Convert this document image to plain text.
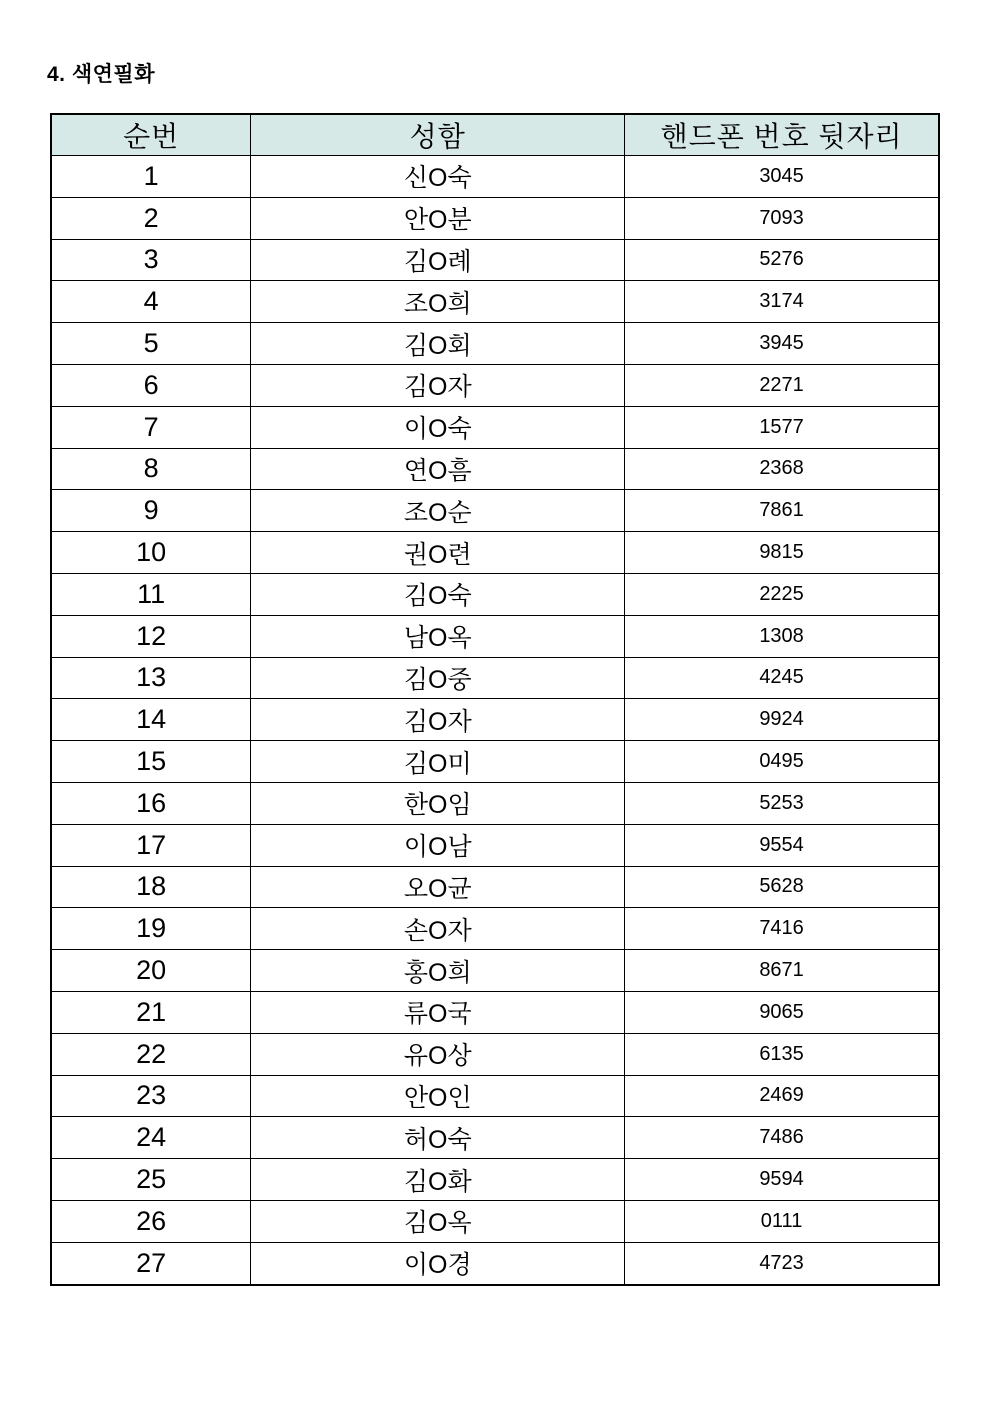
4. 색연필화
순번	성함	핸드폰 번호 뒷자리
1	신O숙	3045
2	안O분	7093
3	김O례	5276
4	조O희	3174
5	김O회	3945
6	김O자	2271
7	이O숙	1577
8	연O흠	2368
9	조O순	7861
10	권O련	9815
11	김O숙	2225
12	남O옥	1308
13	김O중	4245
14	김O자	9924
15	김O미	0495
16	한O임	5253
17	이O남	9554
18	오O균	5628
19	손O자	7416
20	홍O희	8671
21	류O국	9065
22	유O상	6135
23	안O인	2469
24	허O숙	7486
25	김O화	9594
26	김O옥	0111
27	이O경	4723
